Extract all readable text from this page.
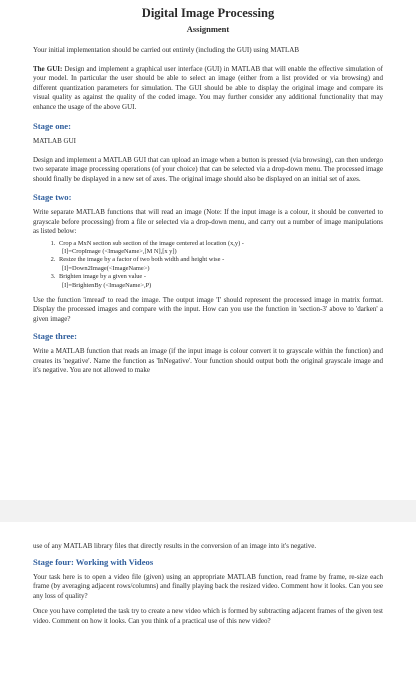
Digital Image Processing
Assignment

Your initial implementation should be carried out entirely (including the GUI) using MATLAB

The GUI: Design and implement a graphical user interface (GUI) in MATLAB that will enable the effective simulation of your model. In particular the user should be able to select an image (either from a list provided or via browsing) and different quantization parameters for simulation. The GUI should be able to display the original image and compare its visual quality as against the quality of the coded image. You may further consider any additional functionality that may enhance the usage of the above GUI.

Stage one:

MATLAB GUI

Design and implement a MATLAB GUI that can upload an image when a button is pressed (via browsing), can then undergo two separate image processing operations (of your choice) that can be selected via a drop-down menu. The processed image should finally be displayed in a new set of axes. The original image should also be displayed on an initial set of axes.

Stage two:

Write separate MATLAB functions that will read an image (Note: If the input image is a colour, it should be converted to grayscale before processing) from a file or selected via a drop-down menu, and carry out a number of image manipulations as listed below:

1. Crop a MxN section sub section of the image centered at location (x,y) -
[I]=CropImage (<ImageName>,[M N],[x y])
2. Resize the image by a factor of two both width and height wise -
[I]=Down2Image(<ImageName>)
3. Brighten image by a given value -
[I]=BrightenBy (<ImageName>,P)

Use the function 'imread' to read the image. The output image 'I' should represent the processed image in matrix format. Display the processed images and compare with the input. How can you use the function in 'section-3' above to 'darken' a given image?

Stage three:

Write a MATLAB function that reads an image (if the input image is colour convert it to grayscale within the function) and creates its 'negative'. Name the function as 'InNegative'. Your function should output both the original grayscale image and it's negative. You are not allowed to make

use of any MATLAB library files that directly results in the conversion of an image into it's negative.

Stage four: Working with Videos

Your task here is to open a video file (given) using an appropriate MATLAB function, read frame by frame, re-size each frame (by averaging adjacent rows/columns) and finally playing back the resized video. Comment how it looks. Can you see any loss of quality?

Once you have completed the task try to create a new video which is formed by subtracting adjacent frames of the given test video. Comment on how it looks. Can you think of a practical use of this new video?
